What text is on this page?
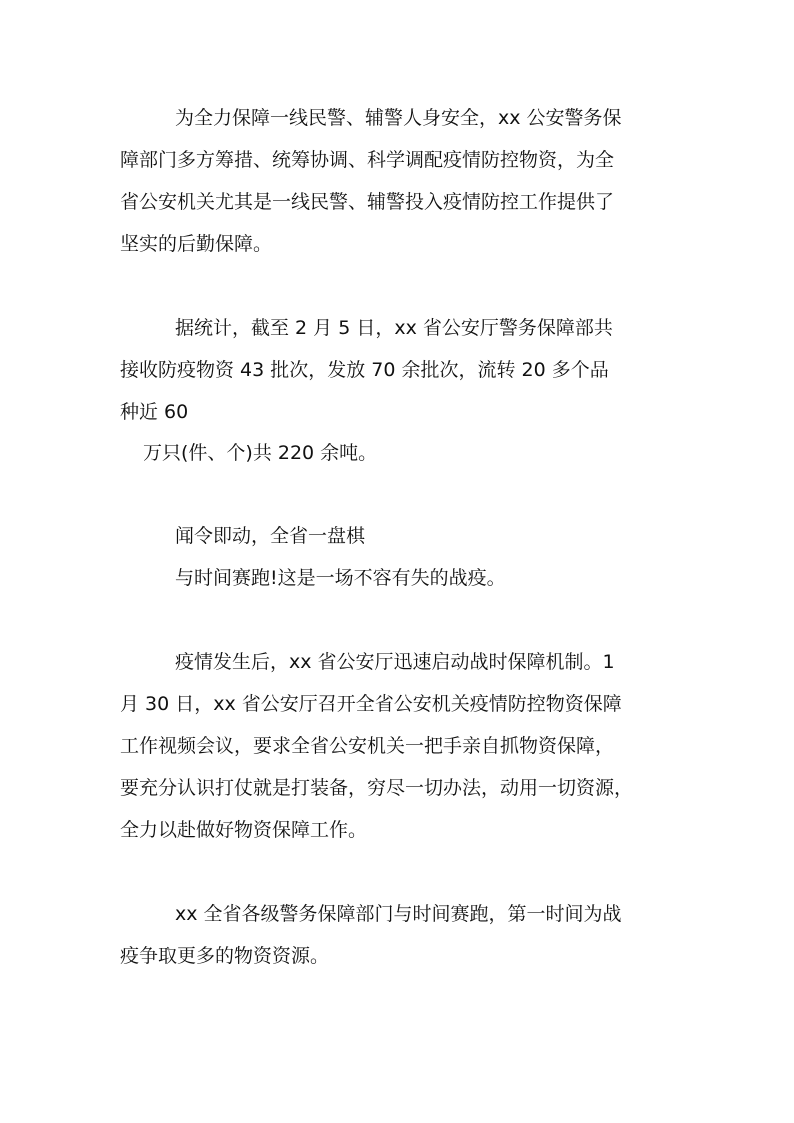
为全力保障一线民警、辅警人身安全，xx 公安警务保
障部门多方筹措、统筹协调、科学调配疫情防控物资，为全
省公安机关尤其是一线民警、辅警投入疫情防控工作提供了
坚实的后勤保障。
据统计，截至 2 月 5 日，xx 省公安厅警务保障部共
接收防疫物资 43 批次，发放 70 余批次，流转 20 多个品
种近 60
万只(件、个)共 220 余吨。
闻令即动，全省一盘棋
与时间赛跑!这是一场不容有失的战疫。
疫情发生后，xx 省公安厅迅速启动战时保障机制。1
月 30 日，xx 省公安厅召开全省公安机关疫情防控物资保障
工作视频会议，要求全省公安机关一把手亲自抓物资保障，
要充分认识打仗就是打装备，穷尽一切办法，动用一切资源，
全力以赴做好物资保障工作。
xx 全省各级警务保障部门与时间赛跑，第一时间为战
疫争取更多的物资资源。
